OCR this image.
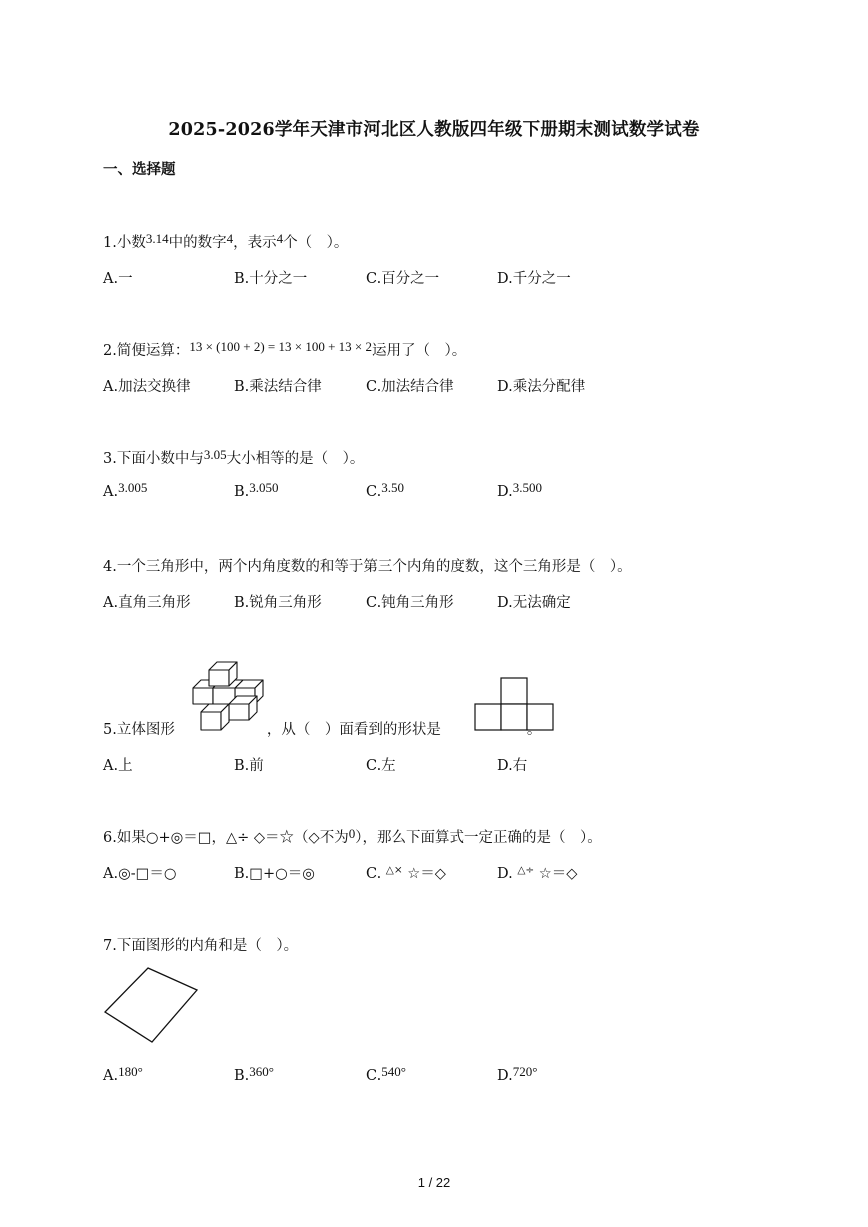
2025-2026学年天津市河北区人教版四年级下册期末测试数学试卷
一、选择题
1.小数3.14中的数字4，表示4个（　）。
A.一	B.十分之一	C.百分之一	D.千分之一
2.简便运算：13 × (100 + 2) = 13 × 100 + 13 × 2运用了（　）。
A.加法交换律	B.乘法结合律	C.加法结合律	D.乘法分配律
3.下面小数中与3.05大小相等的是（　）。
A.3.005	B.3.050	C.3.50	D.3.500
4.一个三角形中，两个内角度数的和等于第三个内角的度数，这个三角形是（　）。
A.直角三角形	B.锐角三角形	C.钝角三角形	D.无法确定
5.立体图形	，从（　）面看到的形状是
A.上	B.前	C.左	D.右
6.如果○+◎＝□，△÷ ◇＝☆（◇不为0），那么下面算式一定正确的是（　）。
A.◎-□＝○	B.□+○＝◎	C. △× ☆＝◇	D. △÷ ☆＝◇
7.下面图形的内角和是（　）。
A.180°	B.360°	C.540°	D.720°
1 / 22
